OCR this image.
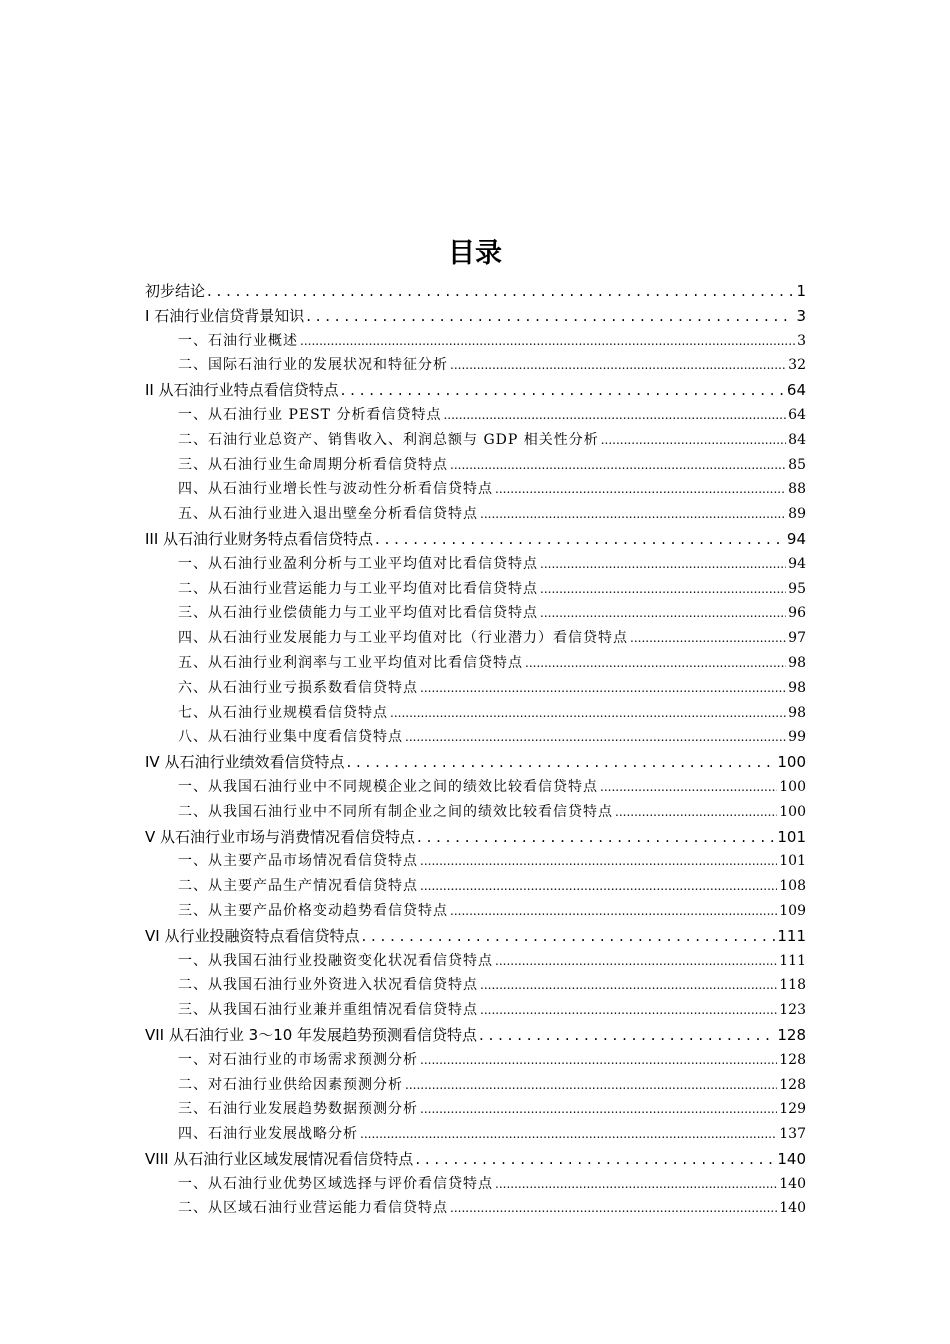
目录
初步结论 . . .	1
I 石油行业信贷背景知识 . . .	3
一、石油行业概述 .....	3
二、国际石油行业的发展状况和特征分析 .....	32
II 从石油行业特点看信贷特点 . . .	64
一、从石油行业 PEST 分析看信贷特点 .....	64
二、石油行业总资产、销售收入、利润总额与 GDP 相关性分析 .....	84
三、从石油行业生命周期分析看信贷特点 .....	85
四、从石油行业增长性与波动性分析看信贷特点 .....	88
五、从石油行业进入退出壁垒分析看信贷特点 .....	89
III 从石油行业财务特点看信贷特点 . . .	94
一、从石油行业盈利分析与工业平均值对比看信贷特点 .....	94
二、从石油行业营运能力与工业平均值对比看信贷特点 .....	95
三、从石油行业偿债能力与工业平均值对比看信贷特点 .....	96
四、从石油行业发展能力与工业平均值对比（行业潜力）看信贷特点 .....	97
五、从石油行业利润率与工业平均值对比看信贷特点 .....	98
六、从石油行业亏损系数看信贷特点 .....	98
七、从石油行业规模看信贷特点 .....	98
八、从石油行业集中度看信贷特点 .....	99
IV 从石油行业绩效看信贷特点 . . .	100
一、从我国石油行业中不同规模企业之间的绩效比较看信贷特点 .....	100
二、从我国石油行业中不同所有制企业之间的绩效比较看信贷特点 .....	100
V 从石油行业市场与消费情况看信贷特点 . . .	101
一、从主要产品市场情况看信贷特点 .....	101
二、从主要产品生产情况看信贷特点 .....	108
三、从主要产品价格变动趋势看信贷特点 .....	109
VI 从行业投融资特点看信贷特点 . . .	111
一、从我国石油行业投融资变化状况看信贷特点 .....	111
二、从我国石油行业外资进入状况看信贷特点 .....	118
三、从我国石油行业兼并重组情况看信贷特点 .....	123
VII 从石油行业 3～10 年发展趋势预测看信贷特点 . . .	128
一、对石油行业的市场需求预测分析 .....	128
二、对石油行业供给因素预测分析 .....	128
三、石油行业发展趋势数据预测分析 .....	129
四、石油行业发展战略分析 .....	137
VIII 从石油行业区域发展情况看信贷特点 . . .	140
一、从石油行业优势区域选择与评价看信贷特点 .....	140
二、从区域石油行业营运能力看信贷特点 .....	140
